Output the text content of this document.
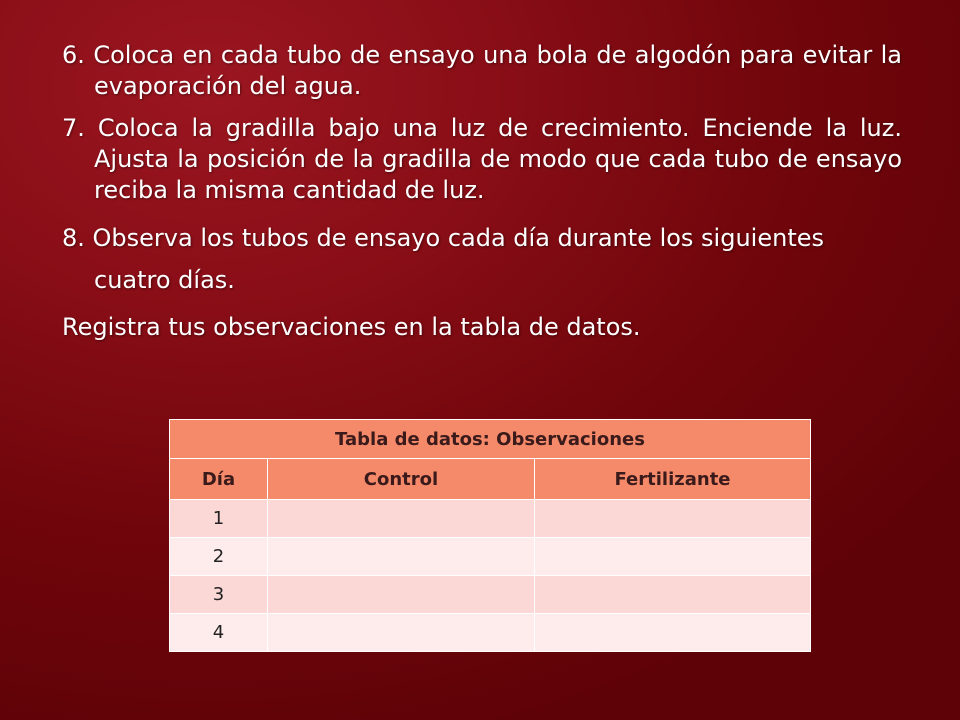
6. Coloca en cada tubo de ensayo una bola de algodón para evitar la evaporación del agua.

7. Coloca la gradilla bajo una luz de crecimiento. Enciende la luz. Ajusta la posición de la gradilla de modo que cada tubo de ensayo reciba la misma cantidad de luz.

8. Observa los tubos de ensayo cada día durante los siguientes cuatro días.

Registra tus observaciones en la tabla de datos.

Tabla de datos: Observaciones		
Día	Control	Fertilizante
1		
2		
3		
4		
